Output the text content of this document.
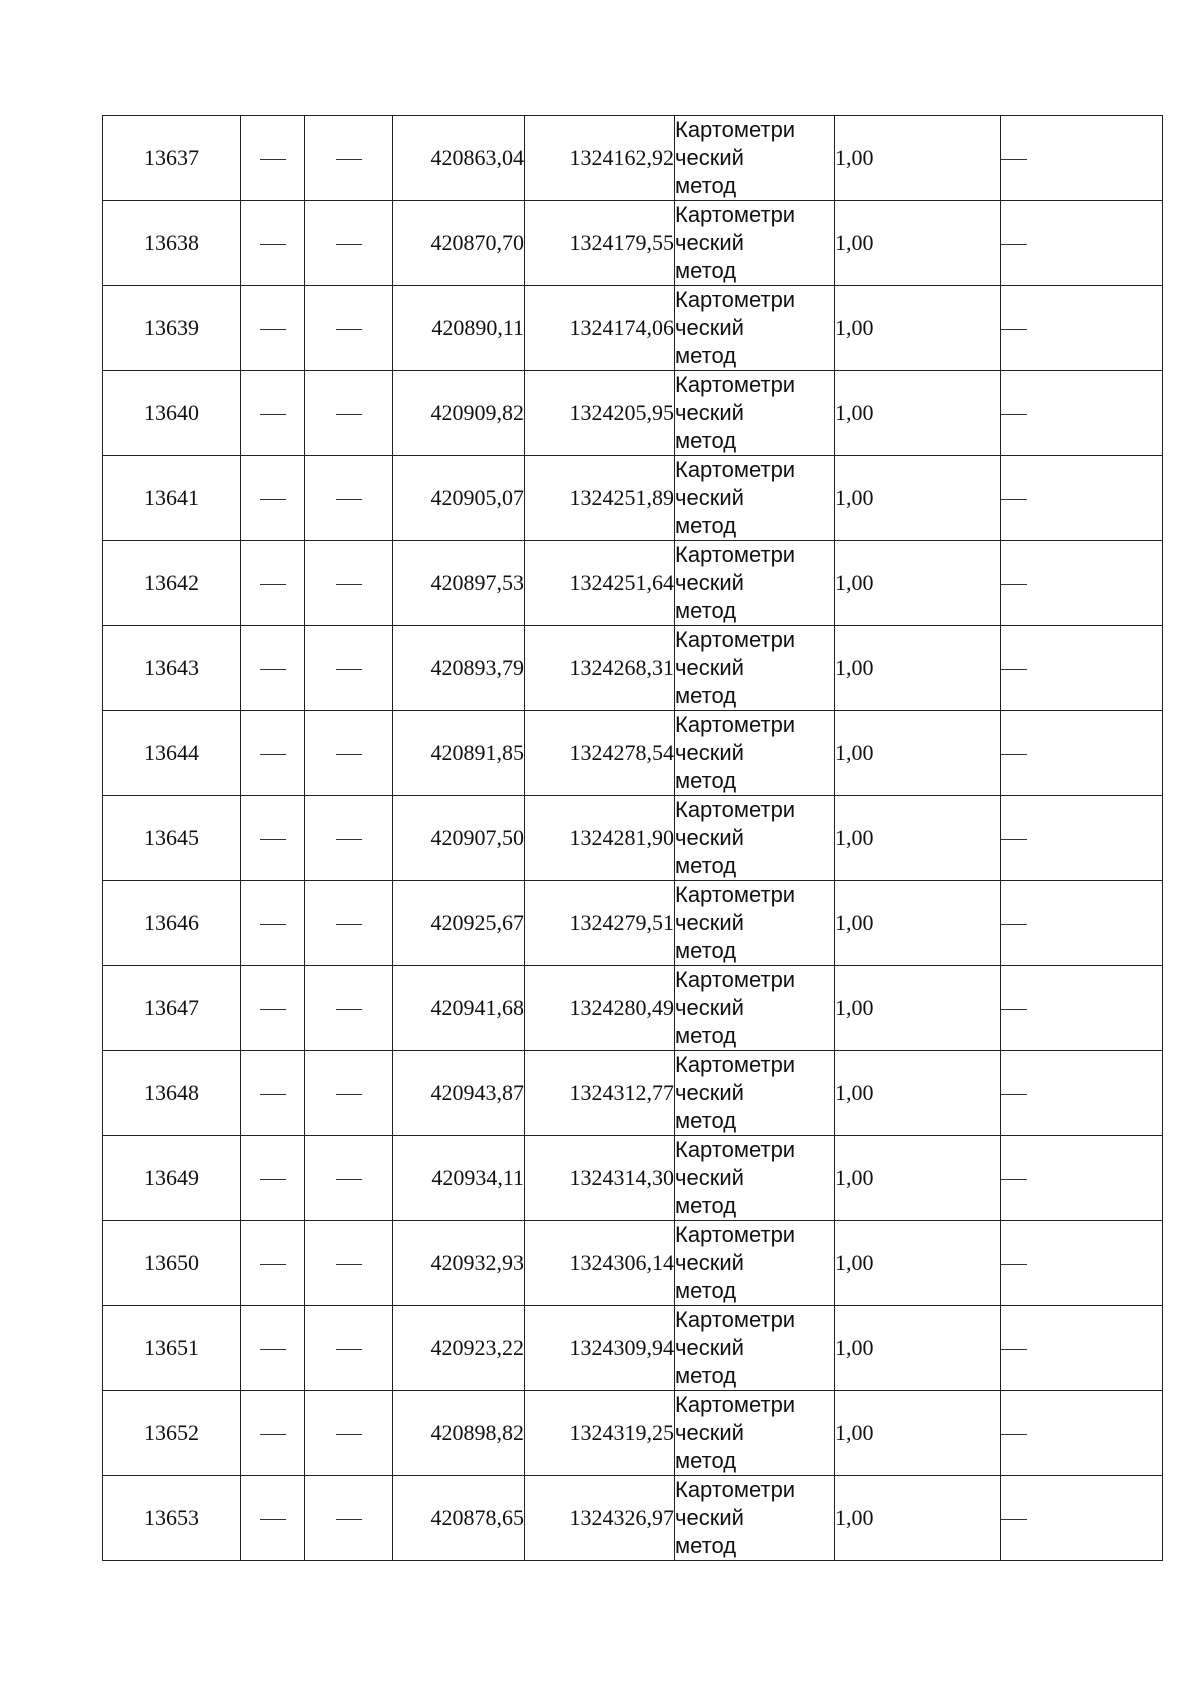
13637			420863,04	1324162,92	Картометри
ческий
метод	1,00	
13638			420870,70	1324179,55	Картометри
ческий
метод	1,00	
13639			420890,11	1324174,06	Картометри
ческий
метод	1,00	
13640			420909,82	1324205,95	Картометри
ческий
метод	1,00	
13641			420905,07	1324251,89	Картометри
ческий
метод	1,00	
13642			420897,53	1324251,64	Картометри
ческий
метод	1,00	
13643			420893,79	1324268,31	Картометри
ческий
метод	1,00	
13644			420891,85	1324278,54	Картометри
ческий
метод	1,00	
13645			420907,50	1324281,90	Картометри
ческий
метод	1,00	
13646			420925,67	1324279,51	Картометри
ческий
метод	1,00	
13647			420941,68	1324280,49	Картометри
ческий
метод	1,00	
13648			420943,87	1324312,77	Картометри
ческий
метод	1,00	
13649			420934,11	1324314,30	Картометри
ческий
метод	1,00	
13650			420932,93	1324306,14	Картометри
ческий
метод	1,00	
13651			420923,22	1324309,94	Картометри
ческий
метод	1,00	
13652			420898,82	1324319,25	Картометри
ческий
метод	1,00	
13653			420878,65	1324326,97	Картометри
ческий
метод	1,00	
